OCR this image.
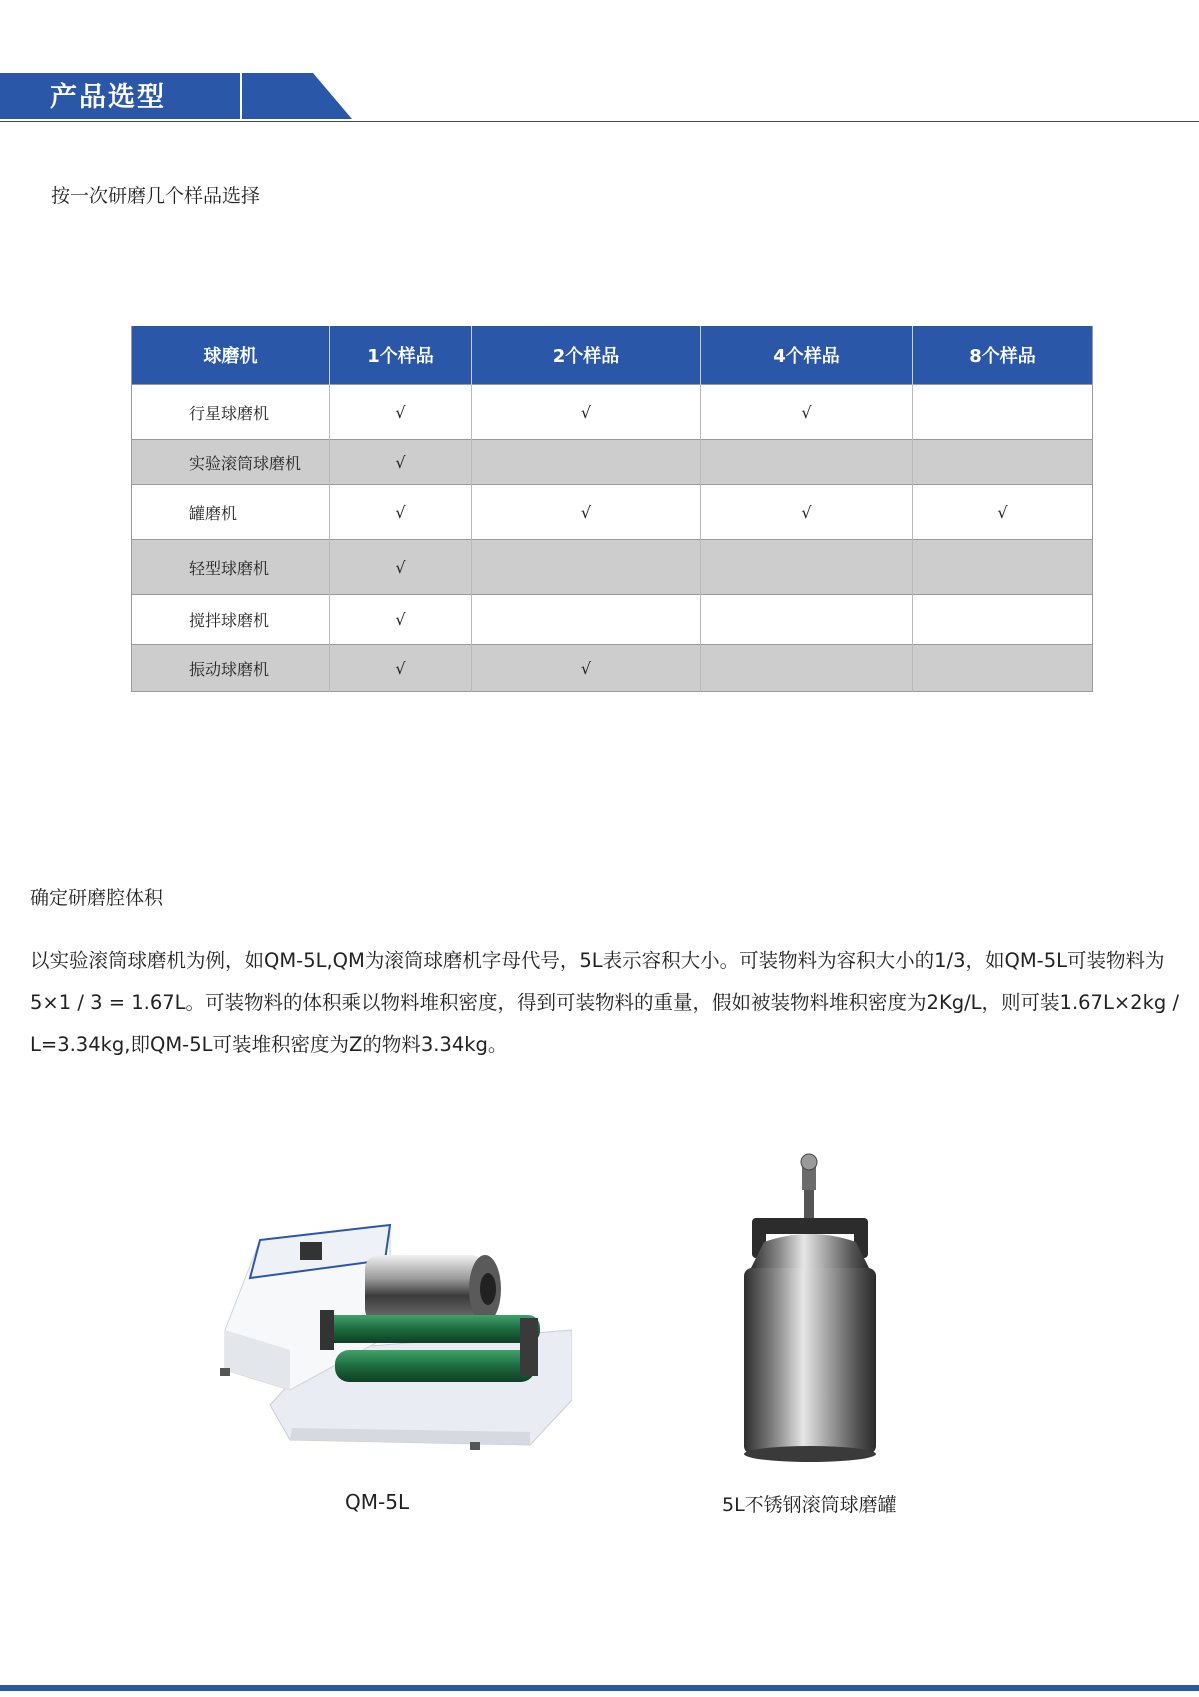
产品选型
按一次研磨几个样品选择
球磨机	1个样品	2个样品	4个样品	8个样品
行星球磨机	√	√	√	
实验滚筒球磨机	√			
罐磨机	√	√	√	√
轻型球磨机	√			
搅拌球磨机	√			
振动球磨机	√	√		
确定研磨腔体积

以实验滚筒球磨机为例，如QM-5L,QM为滚筒球磨机字母代号，5L表示容积大小。可装物料为容积大小的1/3，如QM-5L可装物料为5×1 / 3 = 1.67L。可装物料的体积乘以物料堆积密度，得到可装物料的重量，假如被装物料堆积密度为2Kg/L，则可装1.67L×2kg / L=3.34kg,即QM-5L可装堆积密度为Z的物料3.34kg。

QM-5L	5L不锈钢滚筒球磨罐
